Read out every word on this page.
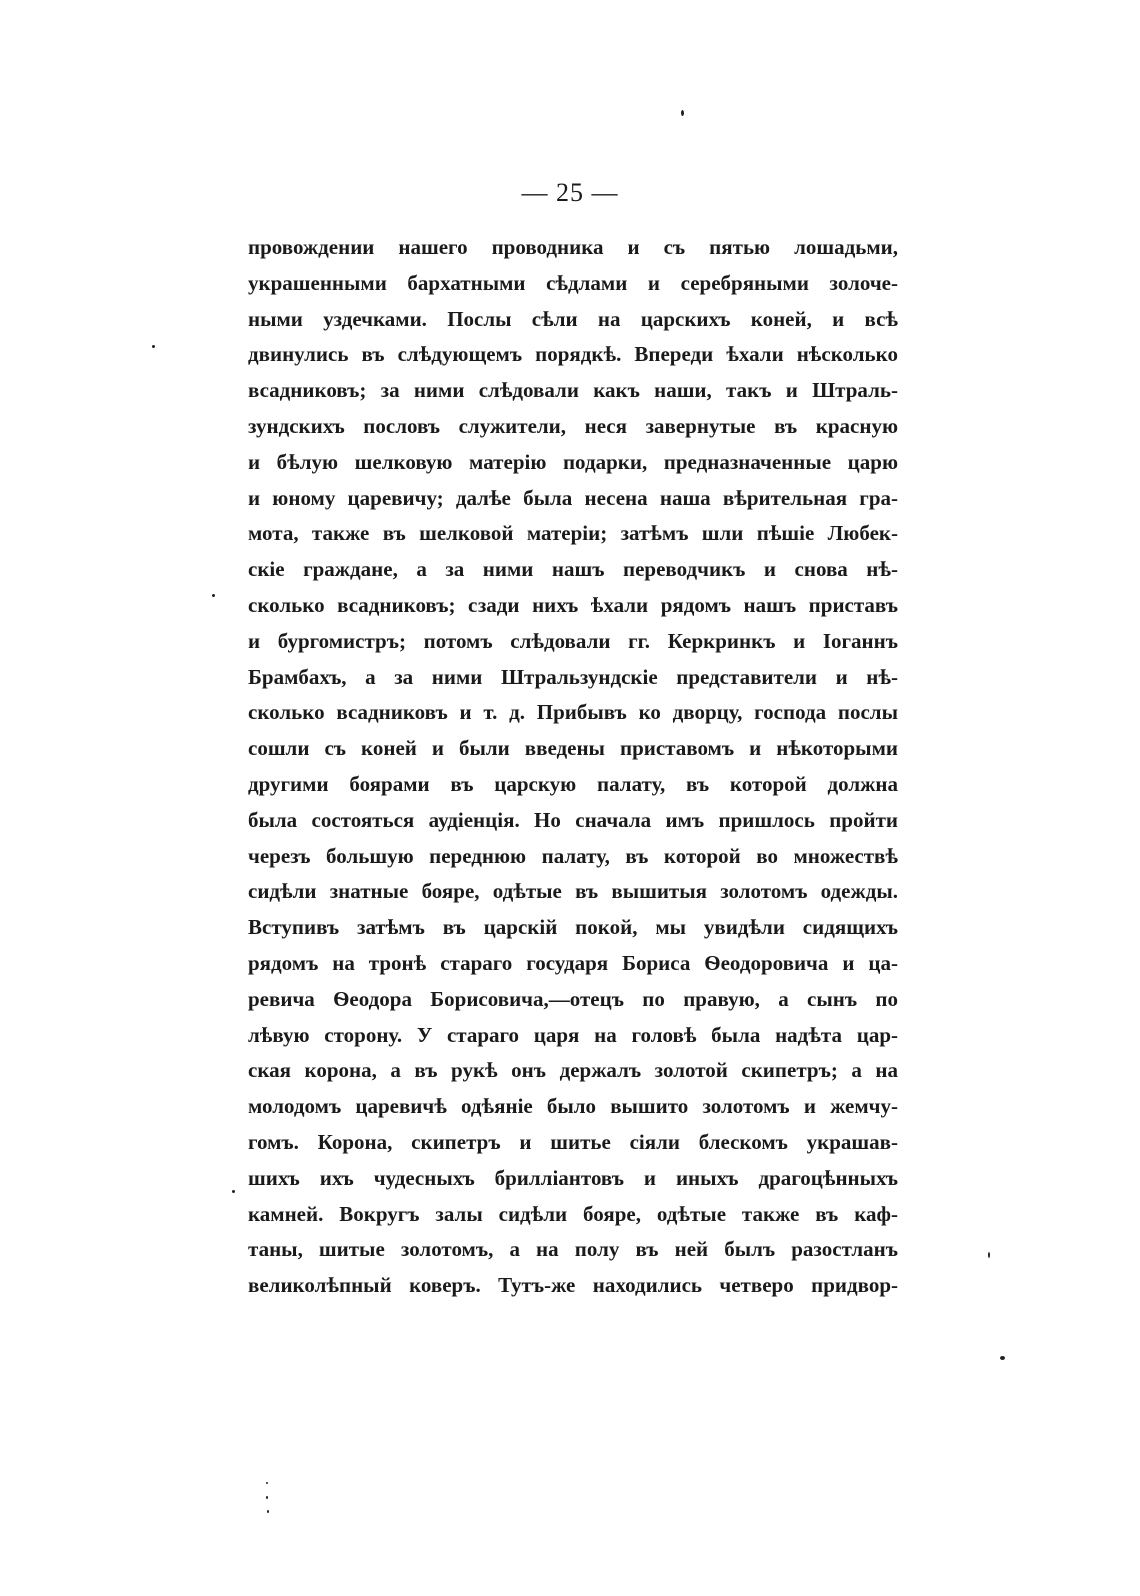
— 25 —
провождении нашего проводника и съ пятью лошадьми,
украшенными бархатными сѣдлами и серебряными золоче-
ными уздечками. Послы сѣли на царскихъ коней, и всѣ
двинулись въ слѣдующемъ порядкѣ. Впереди ѣхали нѣсколько
всадниковъ; за ними слѣдовали какъ наши, такъ и Штраль-
зундскихъ пословъ служители, неся завернутые въ красную
и бѣлую шелковую матерiю подарки, предназначенные царю
и юному царевичу; далѣе была несена наша вѣрительная гра-
мота, также въ шелковой матерiи; затѣмъ шли пѣшiе Любек-
скiе граждане, а за ними нашъ переводчикъ и снова нѣ-
сколько всадниковъ; сзади нихъ ѣхали рядомъ нашъ приставъ
и бургомистръ; потомъ слѣдовали гг. Керкринкъ и Iоганнъ
Брамбахъ, а за ними Штральзундскiе представители и нѣ-
сколько всадниковъ и т. д. Прибывъ ко дворцу, господа послы
сошли съ коней и были введены приставомъ и нѣкоторыми
другими боярами въ царскую палату, въ которой должна
была состояться аудiенцiя. Но сначала имъ пришлось пройти
черезъ большую переднюю палату, въ которой во множествѣ
сидѣли знатные бояре, одѣтые въ вышитыя золотомъ одежды.
Вступивъ затѣмъ въ царскiй покой, мы увидѣли сидящихъ
рядомъ на тронѣ стараго государя Бориса Ѳеодоровича и ца-
ревича Ѳеодора Борисовича,—отецъ по правую, а сынъ по
лѣвую сторону. У стараго царя на головѣ была надѣта цар-
ская корона, а въ рукѣ онъ держалъ золотой скипетръ; а на
молодомъ царевичѣ одѣянiе было вышито золотомъ и жемчу-
гомъ. Корона, скипетръ и шитье сiяли блескомъ украшав-
шихъ ихъ чудесныхъ брилліантовъ и иныхъ драгоцѣнныхъ
камней. Вокругъ залы сидѣли бояре, одѣтые также въ каф-
таны, шитые золотомъ, а на полу въ ней былъ разостланъ
великолѣпный коверъ. Тутъ-же находились четверо придвор-
